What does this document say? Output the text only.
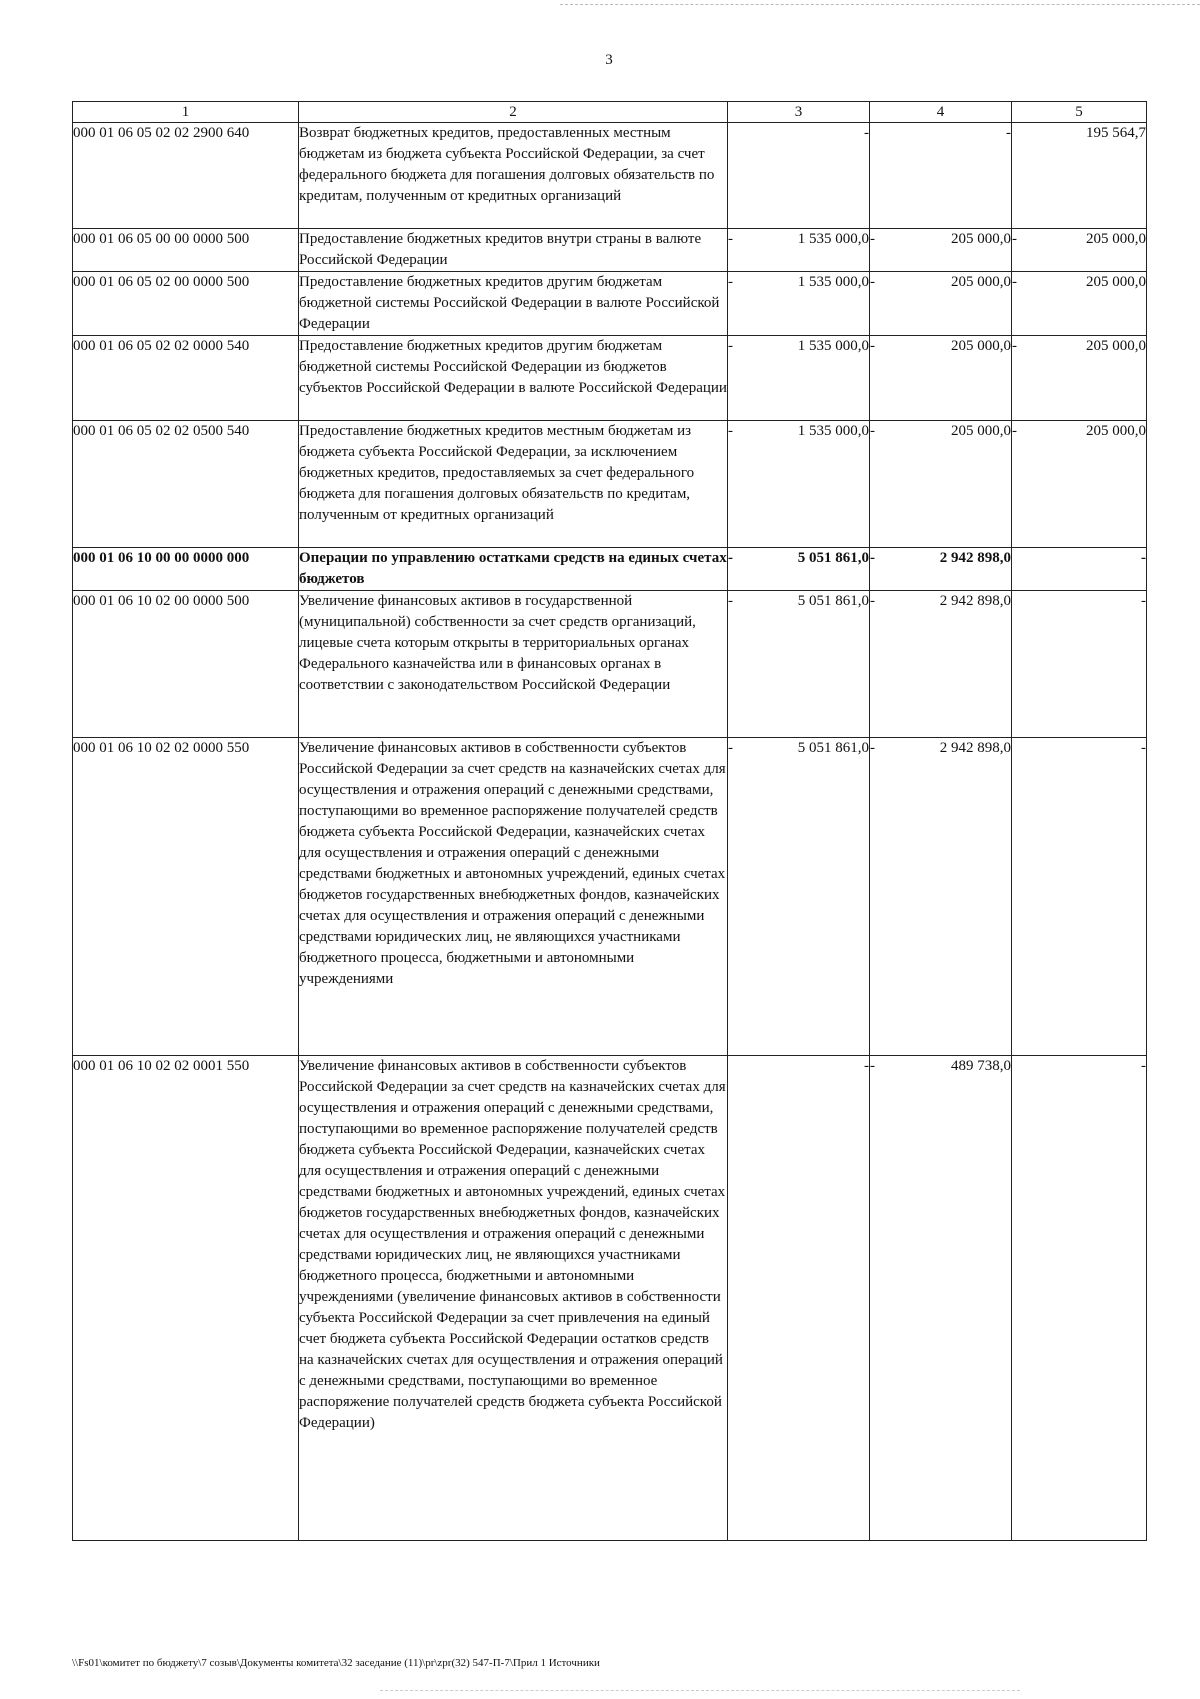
3
1	2	3	4	5
000 01 06 05 02 02 2900 640	Возврат бюджетных кредитов, предоставленных местным бюджетам из бюджета субъекта Российской Федерации, за счет федерального бюджета для погашения долговых обязательств по кредитам, полученным от кредитных организаций	-	-	195 564,7

000 01 06 05 00 00 0000 500	Предоставление бюджетных кредитов внутри страны в валюте Российской Федерации	- 1 535 000,0	- 205 000,0	- 205 000,0

000 01 06 05 02 00 0000 500	Предоставление бюджетных кредитов другим бюджетам бюджетной системы Российской Федерации в валюте Российской Федерации	- 1 535 000,0	- 205 000,0	- 205 000,0

000 01 06 05 02 02 0000 540	Предоставление бюджетных кредитов другим бюджетам бюджетной системы Российской Федерации из бюджетов субъектов Российской Федерации в валюте Российской Федерации	- 1 535 000,0	- 205 000,0	- 205 000,0

000 01 06 05 02 02 0500 540	Предоставление бюджетных кредитов местным бюджетам из бюджета субъекта Российской Федерации, за исключением бюджетных кредитов, предоставляемых за счет федерального бюджета для погашения долговых обязательств по кредитам, полученным от кредитных организаций	- 1 535 000,0	- 205 000,0	- 205 000,0

000 01 06 10 00 00 0000 000	Операции по управлению остатками средств на единых счетах бюджетов	- 5 051 861,0	- 2 942 898,0	-

000 01 06 10 02 00 0000 500	Увеличение финансовых активов в государственной (муниципальной) собственности за счет средств организаций, лицевые счета которым открыты в территориальных органах Федерального казначейства или в финансовых органах в соответствии с законодательством Российской Федерации	- 5 051 861,0	- 2 942 898,0	-

000 01 06 10 02 02 0000 550	Увеличение финансовых активов в собственности субъектов Российской Федерации за счет средств на казначейских счетах для осуществления и отражения операций с денежными средствами, поступающими во временное распоряжение получателей средств бюджета субъекта Российской Федерации, казначейских счетах для осуществления и отражения операций с денежными средствами бюджетных и автономных учреждений, единых счетах бюджетов государственных внебюджетных фондов, казначейских счетах для осуществления и отражения операций с денежными средствами юридических лиц, не являющихся участниками бюджетного процесса, бюджетными и автономными учреждениями	- 5 051 861,0	- 2 942 898,0	-

000 01 06 10 02 02 0001 550	Увеличение финансовых активов в собственности субъектов Российской Федерации за счет средств на казначейских счетах для осуществления и отражения операций с денежными средствами, поступающими во временное распоряжение получателей средств бюджета субъекта Российской Федерации, казначейских счетах для осуществления и отражения операций с денежными средствами бюджетных и автономных учреждений, единых счетах бюджетов государственных внебюджетных фондов, казначейских счетах для осуществления и отражения операций с денежными средствами юридических лиц, не являющихся участниками бюджетного процесса, бюджетными и автономными учреждениями (увеличение финансовых активов в собственности субъекта Российской Федерации за счет привлечения на единый счет бюджета субъекта Российской Федерации остатков средств на казначейских счетах для осуществления и отражения операций с денежными средствами, поступающими во временное распоряжение получателей средств бюджета субъекта Российской Федерации)	-	- 489 738,0	-
\\Fs01\комитет по бюджету\7 созыв\Документы комитета\32 заседание (11)\pr\zpr(32) 547-П-7\Прил 1 Источники
